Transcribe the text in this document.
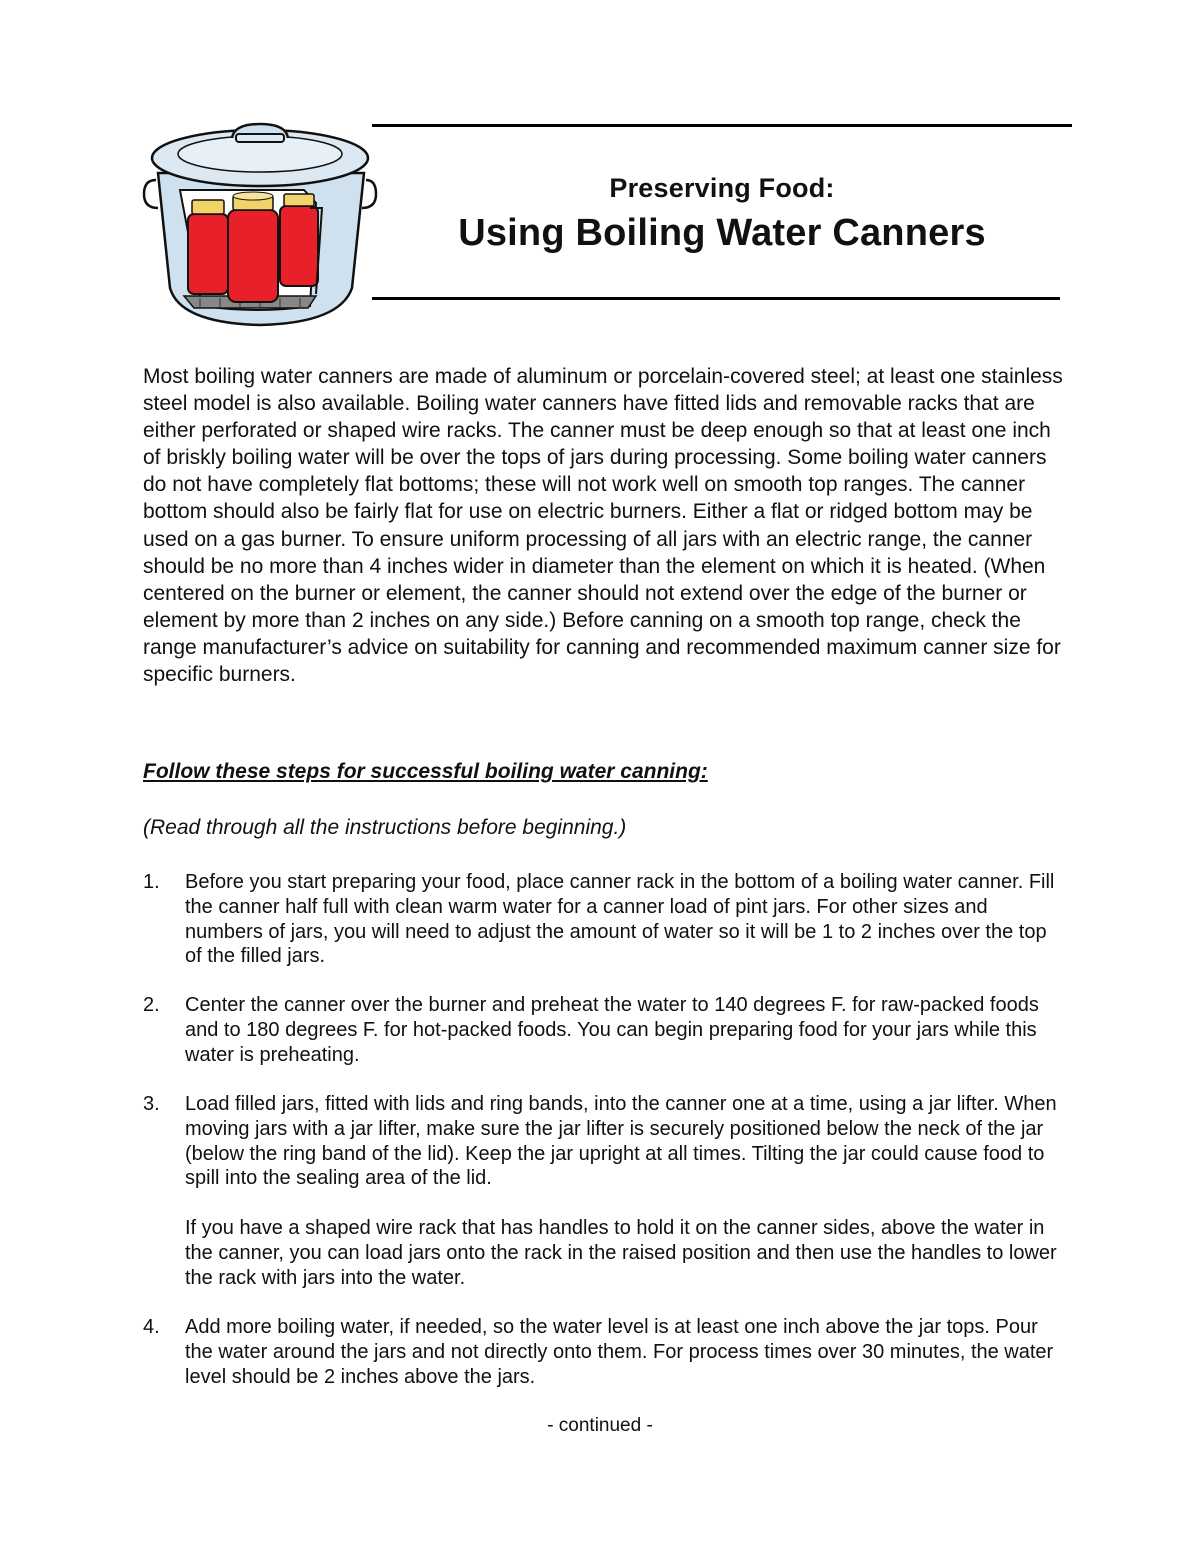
Preserving Food:
Using Boiling Water Canners

Most boiling water canners are made of aluminum or porcelain-covered steel; at least one stainless steel model is also available. Boiling water canners have fitted lids and removable racks that are either perforated or shaped wire racks. The canner must be deep enough so that at least one inch of briskly boiling water will be over the tops of jars during processing. Some boiling water canners do not have completely flat bottoms; these will not work well on smooth top ranges. The canner bottom should also be fairly flat for use on electric burners. Either a flat or ridged bottom may be used on a gas burner. To ensure uniform processing of all jars with an electric range, the canner should be no more than 4 inches wider in diameter than the element on which it is heated. (When centered on the burner or element, the canner should not extend over the edge of the burner or element by more than 2 inches on any side.) Before canning on a smooth top range, check the range manufacturer’s advice on suitability for canning and recommended maximum canner size for specific burners.

Follow these steps for successful boiling water canning:

(Read through all the instructions before beginning.)

1. Before you start preparing your food, place canner rack in the bottom of a boiling water canner. Fill the canner half full with clean warm water for a canner load of pint jars. For other sizes and numbers of jars, you will need to adjust the amount of water so it will be 1 to 2 inches over the top of the filled jars.

2. Center the canner over the burner and preheat the water to 140 degrees F. for raw-packed foods and to 180 degrees F. for hot-packed foods. You can begin preparing food for your jars while this water is preheating.

3. Load filled jars, fitted with lids and ring bands, into the canner one at a time, using a jar lifter. When moving jars with a jar lifter, make sure the jar lifter is securely positioned below the neck of the jar (below the ring band of the lid). Keep the jar upright at all times. Tilting the jar could cause food to spill into the sealing area of the lid.

If you have a shaped wire rack that has handles to hold it on the canner sides, above the water in the canner, you can load jars onto the rack in the raised position and then use the handles to lower the rack with jars into the water.

4. Add more boiling water, if needed, so the water level is at least one inch above the jar tops. Pour the water around the jars and not directly onto them. For process times over 30 minutes, the water level should be 2 inches above the jars.

- continued -
